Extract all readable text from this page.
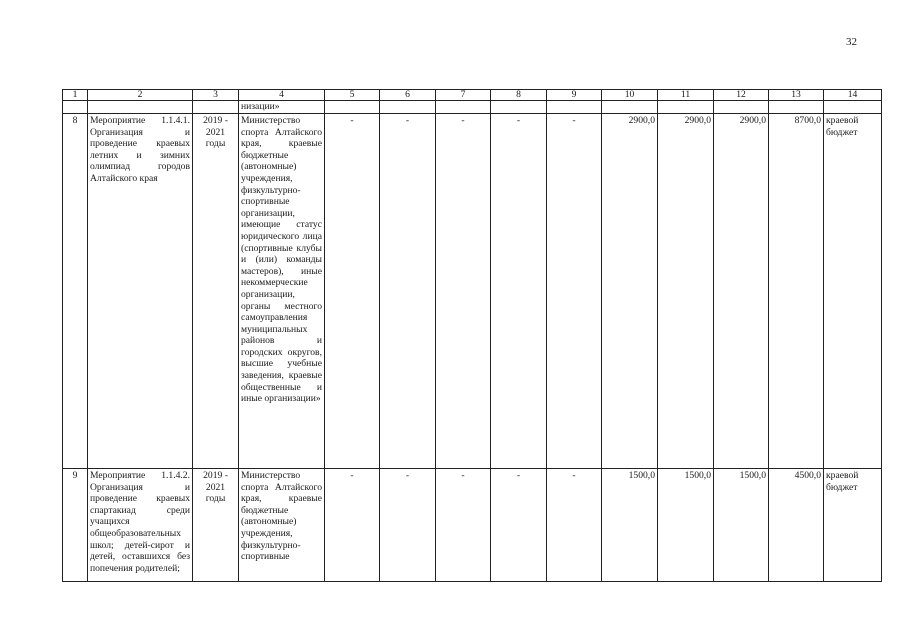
32
1	2	3	4	5	6	7	8	9	10	11	12	13	14
			низации»										
8	Мероприятие 1.1.4.1. Организация и проведение краевых летних и зимних олимпиад городов Алтайского края	2019 - 2021 годы	Министерство спорта Алтайского края, краевые бюджетные (автономные) учреждения, физкультурно-спортивные организации, имеющие статус юридического лица (спортивные клубы и (или) команды мастеров), иные некоммерческие организации, органы местного самоуправления муниципальных районов и городских округов, высшие учебные заведения, краевые общественные и иные организации»	-	-	-	-	-	2900,0	2900,0	2900,0	8700,0	краевой бюджет
9	Мероприятие 1.1.4.2. Организация и проведение краевых спартакиад среди учащихся общеобразовательных школ; детей-сирот и детей, оставшихся без попечения родителей;	2019 - 2021 годы	Министерство спорта Алтайского края, краевые бюджетные (автономные) учреждения, физкультурно-спортивные	-	-	-	-	-	1500,0	1500,0	1500,0	4500,0	краевой бюджет
